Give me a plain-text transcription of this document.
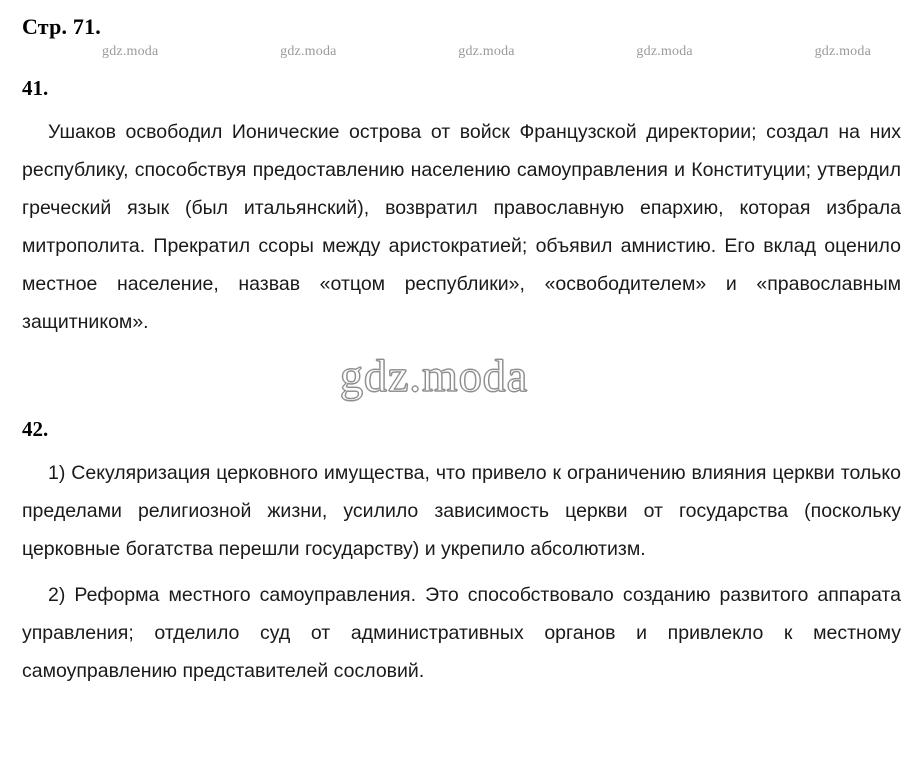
Стр. 71.
gdz.moda	gdz.moda	gdz.moda	gdz.moda	gdz.moda
41.

Ушаков освободил Ионические острова от войск Французской директории; создал на них республику, способствуя предоставлению населению самоуправления и Конституции; утвердил греческий язык (был итальянский), возвратил православную епархию, которая избрала митрополита. Прекратил ссоры между аристократией; объявил амнистию. Его вклад оценило местное население, назвав «отцом республики», «освободителем» и «православным защитником».

gdz.moda
42.

1) Секуляризация церковного имущества, что привело к ограничению влияния церкви только пределами религиозной жизни, усилило зависимость церкви от государства (поскольку церковные богатства перешли государству) и укрепило абсолютизм.

2) Реформа местного самоуправления. Это способствовало созданию развитого аппарата управления; отделило суд от административных органов и привлекло к местному самоуправлению представителей сословий.
